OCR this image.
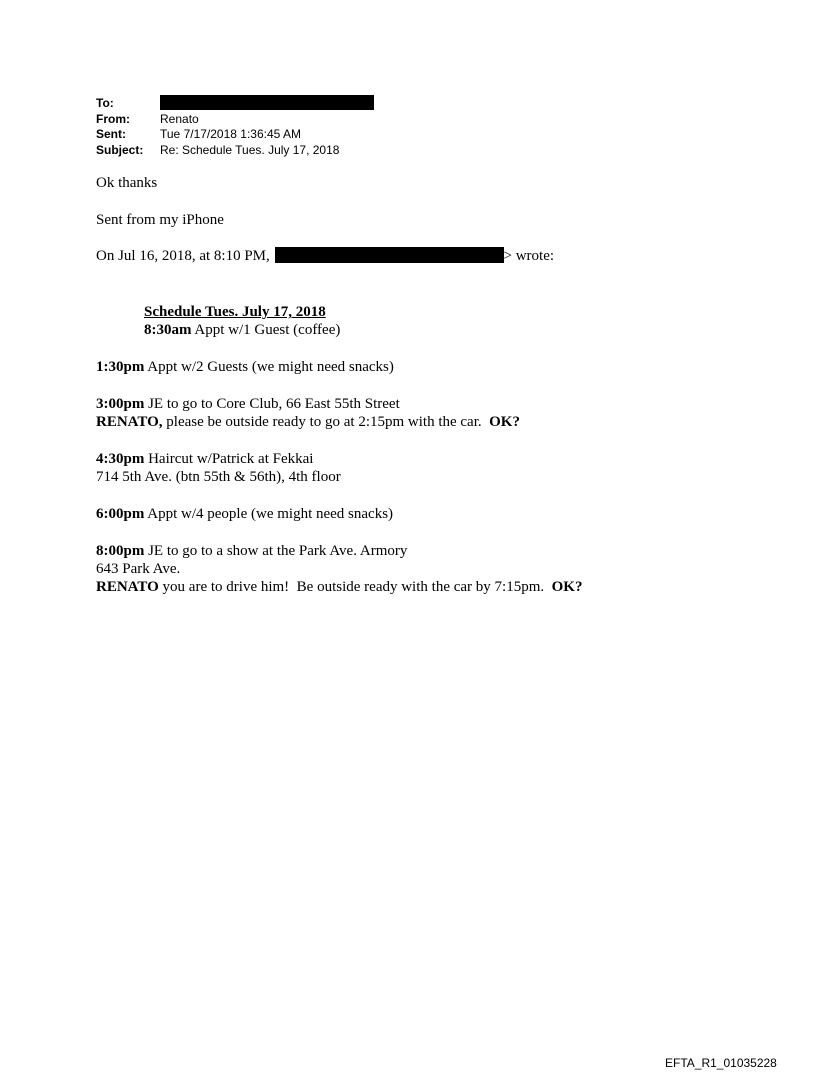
To:
From:	Renato
Sent:	Tue 7/17/2018 1:36:45 AM
Subject:	Re: Schedule Tues. July 17, 2018
Ok thanks
Sent from my iPhone
On Jul 16, 2018, at 8:10 PM,	> wrote:
Schedule Tues. July 17, 2018
8:30am Appt w/1 Guest (coffee)
1:30pm Appt w/2 Guests (we might need snacks)
3:00pm JE to go to Core Club, 66 East 55th Street
RENATO, please be outside ready to go at 2:15pm with the car.  OK?
4:30pm Haircut w/Patrick at Fekkai
714 5th Ave. (btn 55th & 56th), 4th floor
6:00pm Appt w/4 people (we might need snacks)
8:00pm JE to go to a show at the Park Ave. Armory
643 Park Ave.
RENATO you are to drive him!  Be outside ready with the car by 7:15pm.  OK?
EFTA_R1_01035228
